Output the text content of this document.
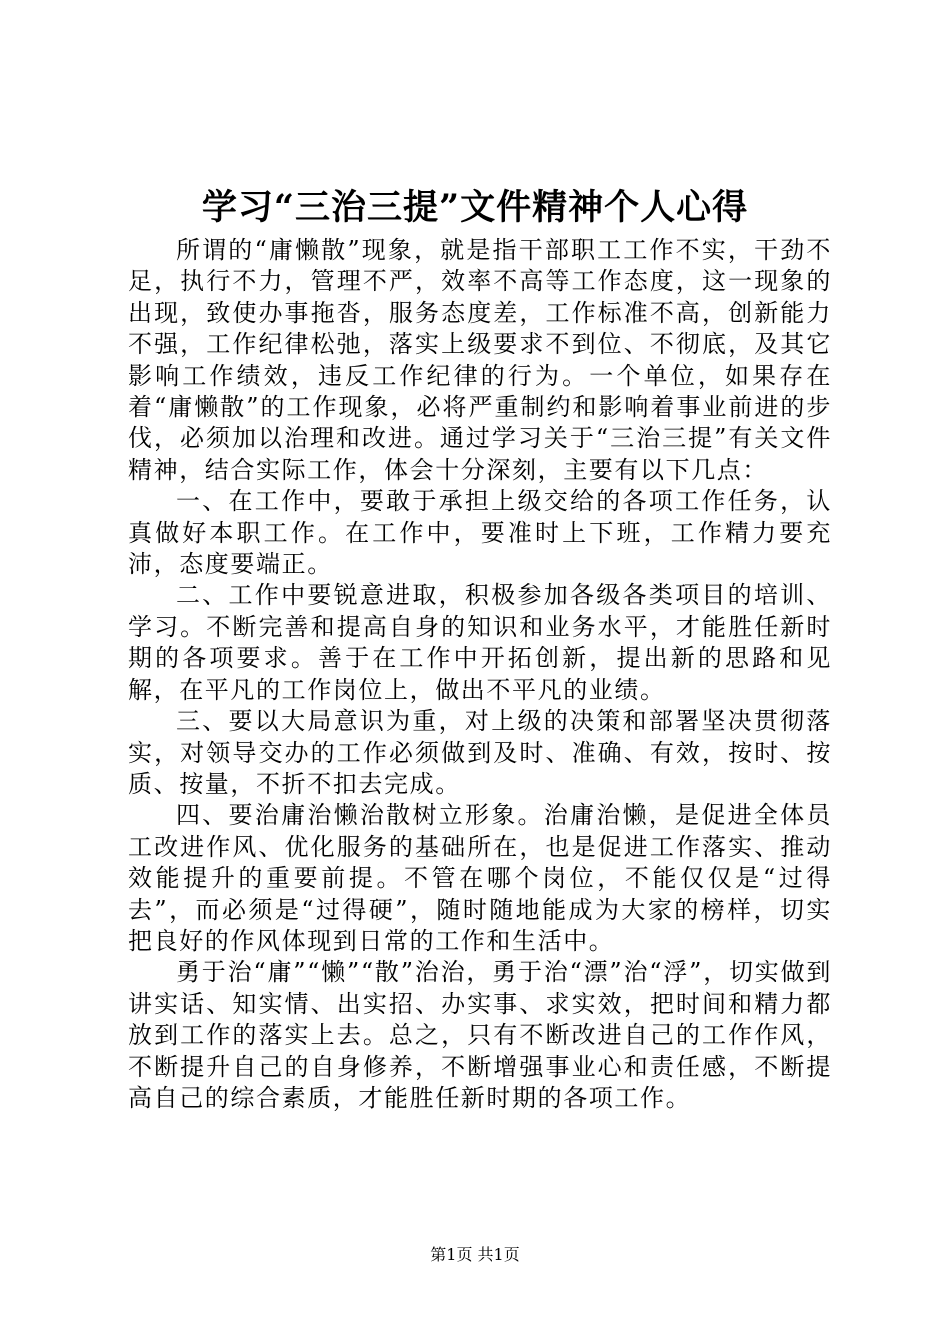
学习“三治三提”文件精神个人心得

所谓的“庸懒散”现象，就是指干部职工工作不实，干劲不足，执行不力，管理不严，效率不高等工作态度，这一现象的出现，致使办事拖沓，服务态度差，工作标准不高，创新能力不强，工作纪律松弛，落实上级要求不到位、不彻底，及其它影响工作绩效，违反工作纪律的行为。一个单位，如果存在着“庸懒散”的工作现象，必将严重制约和影响着事业前进的步伐，必须加以治理和改进。通过学习关于“三治三提”有关文件精神，结合实际工作，体会十分深刻，主要有以下几点：

一、在工作中，要敢于承担上级交给的各项工作任务，认真做好本职工作。在工作中，要准时上下班，工作精力要充沛，态度要端正。

二、工作中要锐意进取，积极参加各级各类项目的培训、学习。不断完善和提高自身的知识和业务水平，才能胜任新时期的各项要求。善于在工作中开拓创新，提出新的思路和见解，在平凡的工作岗位上，做出不平凡的业绩。

三、要以大局意识为重，对上级的决策和部署坚决贯彻落实，对领导交办的工作必须做到及时、准确、有效，按时、按质、按量，不折不扣去完成。

四、要治庸治懒治散树立形象。治庸治懒，是促进全体员工改进作风、优化服务的基础所在，也是促进工作落实、推动效能提升的重要前提。不管在哪个岗位，不能仅仅是“过得去”，而必须是“过得硬”，随时随地能成为大家的榜样，切实把良好的作风体现到日常的工作和生活中。

勇于治“庸”“懒”“散”治治，勇于治“漂”治“浮”，切实做到讲实话、知实情、出实招、办实事、求实效，把时间和精力都放到工作的落实上去。总之，只有不断改进自己的工作作风，不断提升自己的自身修养，不断增强事业心和责任感，不断提高自己的综合素质，才能胜任新时期的各项工作。

第1页 共1页
